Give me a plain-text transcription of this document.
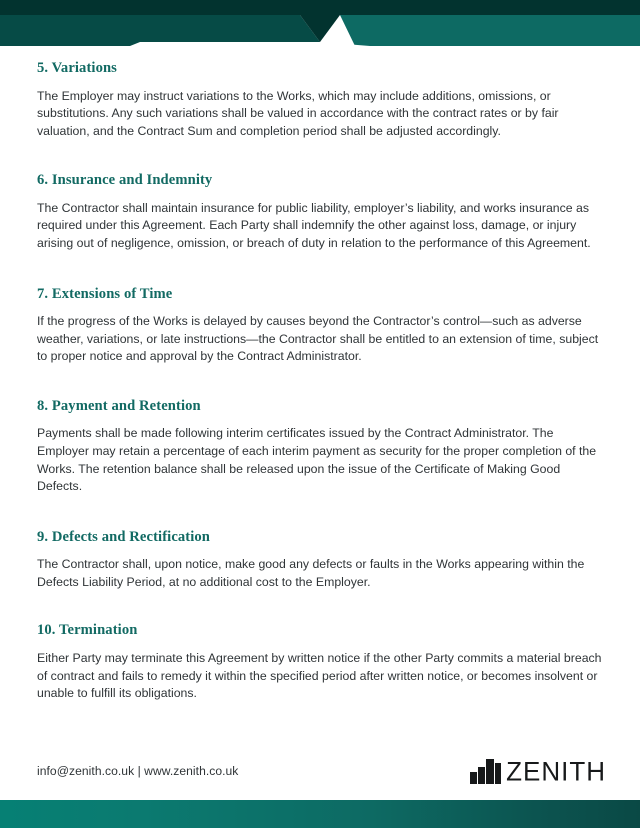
5. Variations

The Employer may instruct variations to the Works, which may include additions, omissions, or substitutions. Any such variations shall be valued in accordance with the contract rates or by fair valuation, and the Contract Sum and completion period shall be adjusted accordingly.

6. Insurance and Indemnity

The Contractor shall maintain insurance for public liability, employer’s liability, and works insurance as required under this Agreement. Each Party shall indemnify the other against loss, damage, or injury arising out of negligence, omission, or breach of duty in relation to the performance of this Agreement.

7. Extensions of Time

If the progress of the Works is delayed by causes beyond the Contractor’s control—such as adverse weather, variations, or late instructions—the Contractor shall be entitled to an extension of time, subject to proper notice and approval by the Contract Administrator.

8. Payment and Retention

Payments shall be made following interim certificates issued by the Contract Administrator. The Employer may retain a percentage of each interim payment as security for the proper completion of the Works. The retention balance shall be released upon the issue of the Certificate of Making Good Defects.

9. Defects and Rectification

The Contractor shall, upon notice, make good any defects or faults in the Works appearing within the Defects Liability Period, at no additional cost to the Employer.

10. Termination

Either Party may terminate this Agreement by written notice if the other Party commits a material breach of contract and fails to remedy it within the specified period after written notice, or becomes insolvent or unable to fulfill its obligations.

info@zenith.co.uk | www.zenith.co.uk	ZENITH
